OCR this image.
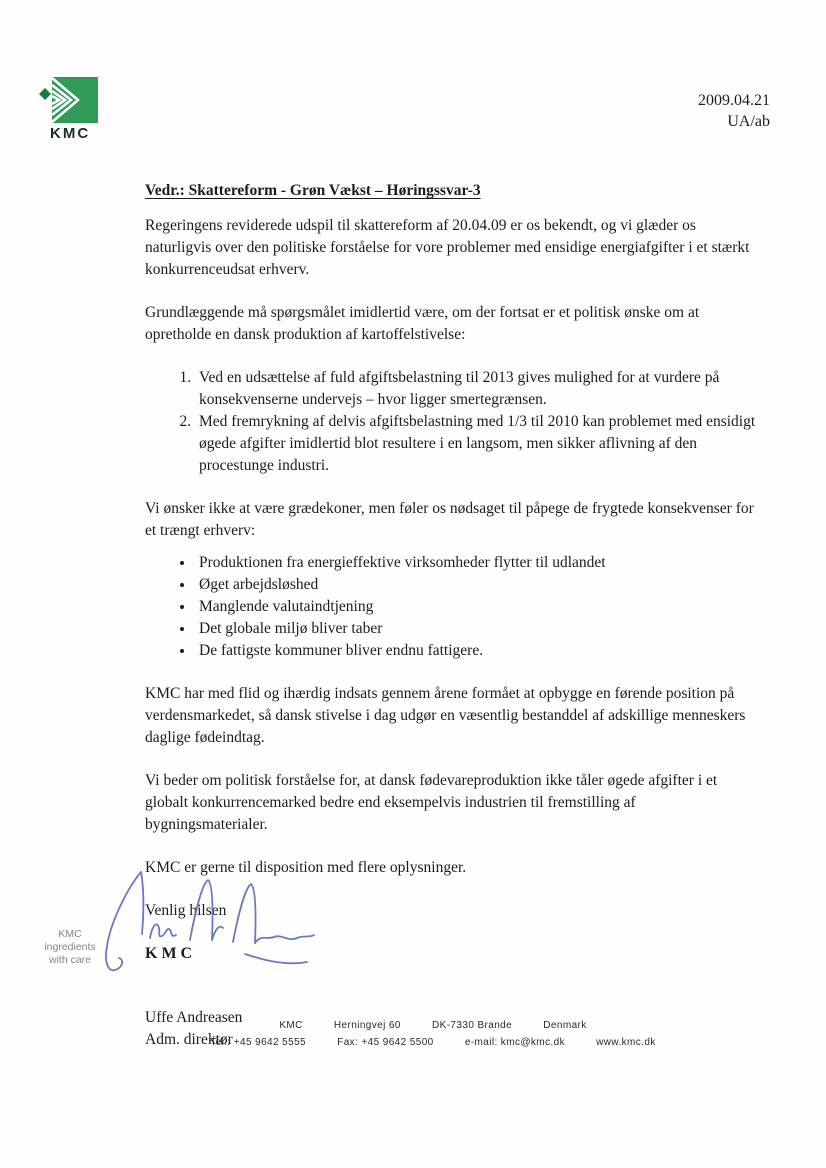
KMC
2009.04.21
UA/ab
Vedr.: Skattereform - Grøn Vækst – Høringssvar-3

Regeringens reviderede udspil til skattereform af 20.04.09 er os bekendt, og vi glæder os naturligvis over den politiske forståelse for vore problemer med ensidige energiafgifter i et stærkt konkurrenceudsat erhverv.

Grundlæggende må spørgsmålet imidlertid være, om der fortsat er et politisk ønske om at opretholde en dansk produktion af kartoffelstivelse:

1. Ved en udsættelse af fuld afgiftsbelastning til 2013 gives mulighed for at vurdere på konsekvenserne undervejs – hvor ligger smertegrænsen.
2. Med fremrykning af delvis afgiftsbelastning med 1/3 til 2010 kan problemet med ensidigt øgede afgifter imidlertid blot resultere i en langsom, men sikker aflivning af den procestunge industri.

Vi ønsker ikke at være grædekoner, men føler os nødsaget til påpege de frygtede konsekvenser for et trængt erhverv:

• Produktionen fra energieffektive virksomheder flytter til udlandet
• Øget arbejdsløshed
• Manglende valutaindtjening
• Det globale miljø bliver taber
• De fattigste kommuner bliver endnu fattigere.

KMC har med flid og ihærdig indsats gennem årene formået at opbygge en førende position på verdensmarkedet, så dansk stivelse i dag udgør en væsentlig bestanddel af adskillige menneskers daglige fødeindtag.

Vi beder om politisk forståelse for, at dansk fødevareproduktion ikke tåler øgede afgifter i et globalt konkurrencemarked bedre end eksempelvis industrien til fremstilling af bygningsmaterialer.

KMC er gerne til disposition med flere oplysninger.

Venlig hilsen

KMC
Uffe Andreasen
Adm. direktør
KMC
ingredients
with care
KMC	Herningvej 60	DK-7330 Brande	Denmark
Tel.: +45 9642 5555	Fax: +45 9642 5500	e-mail: kmc@kmc.dk	www.kmc.dk
